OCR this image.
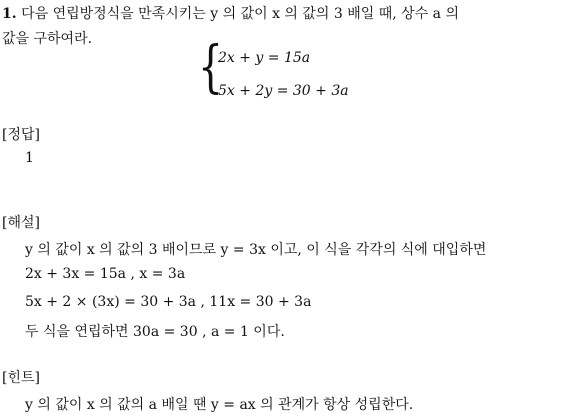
1. 다음 연립방정식을 만족시키는 y 의 값이 x 의 값의 3 배일 때, 상수 a 의
값을 구하여라. {
2x + y = 15a
5x + 2y = 30 + 3a
[정답]
1
[해설]
y 의 값이 x 의 값의 3 배이므로 y = 3x 이고, 이 식을 각각의 식에 대입하면
2x + 3x = 15a , x = 3a
5x + 2 × (3x) = 30 + 3a , 11x = 30 + 3a
두 식을 연립하면 30a = 30 , a = 1 이다.
[힌트]
y 의 값이 x 의 값의 a 배일 땐 y = ax 의 관계가 항상 성립한다.
